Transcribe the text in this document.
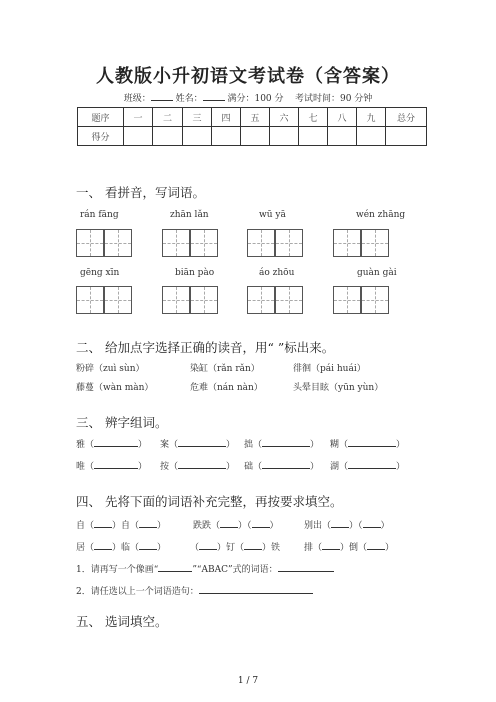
人教版小升初语文考试卷（含答案）
班级：	姓名：	满分：100 分 考试时间：90 分钟
题序	一	二	三	四	五	六	七	八	九	总分
得分										
一、 看拼音，写词语。
rán fāng	zhān lǎn	wū yā	wén zhāng
gēng xīn	biān pào	áo zhōu	guàn gài
二、 给加点字选择正确的读音，用“ ”标出来。
粉碎（zuì sùn）	染缸（rǎn rǎn）	徘徊（pái huái）
藤蔓（wàn màn）	危难（nán nàn）	头晕目眩（yūn yùn）
三、 辨字组词。
雅（	） 案（	） 拙（	） 糊（	）
唯（	） 按（	） 础（	） 湖（	）
四、 先将下面的词语补充完整，再按要求填空。
自（ ）自（ ）	跌跌（ ）（ ）	别出（ ）（ ）
居（ ）临（ ）	（ ）钉（ ）铁	排（ ）倒（ ）
1．请再写一个像画“	”“ABAC”式的词语：
2．请任选以上一个词语造句：
五、 选词填空。
1 / 7
